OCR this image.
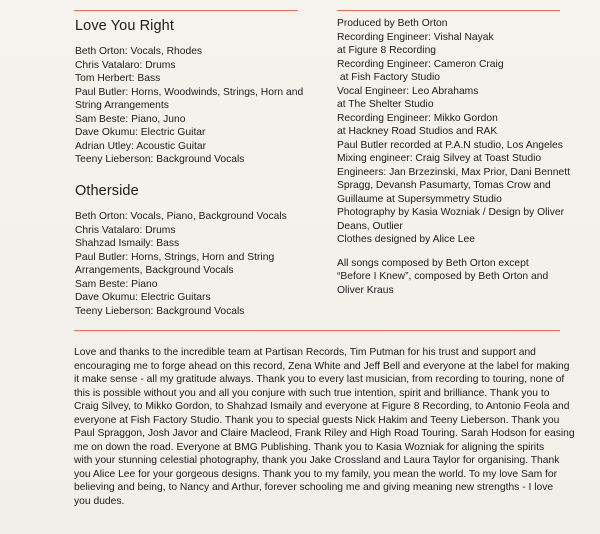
Love You Right
Beth Orton: Vocals, Rhodes
Chris Vatalaro: Drums
Tom Herbert: Bass
Paul Butler: Horns, Woodwinds, Strings, Horn and
String Arrangements
Sam Beste: Piano, Juno
Dave Okumu: Electric Guitar
Adrian Utley: Acoustic Guitar
Teeny Lieberson: Background Vocals
Otherside
Beth Orton: Vocals, Piano, Background Vocals
Chris Vatalaro: Drums
Shahzad Ismaily: Bass
Paul Butler: Horns, Strings, Horn and String
Arrangements, Background Vocals
Sam Beste: Piano
Dave Okumu: Electric Guitars
Teeny Lieberson: Background Vocals
Produced by Beth Orton
Recording Engineer: Vishal Nayak
at Figure 8 Recording
Recording Engineer: Cameron Craig
at Fish Factory Studio
Vocal Engineer: Leo Abrahams
at The Shelter Studio
Recording Engineer: Mikko Gordon
at Hackney Road Studios and RAK
Paul Butler recorded at P.A.N studio, Los Angeles
Mixing engineer: Craig Silvey at Toast Studio
Engineers: Jan Brzezinski, Max Prior, Dani Bennett
Spragg, Devansh Pasumarty, Tomas Crow and
Guillaume at Supersymmetry Studio
Photography by Kasia Wozniak / Design by Oliver
Deans, Outlier
Clothes designed by Alice Lee
All songs composed by Beth Orton except
“Before I Knew”, composed by Beth Orton and
Oliver Kraus
Love and thanks to the incredible team at Partisan Records, Tim Putman for his trust and support and
encouraging me to forge ahead on this record, Zena White and Jeff Bell and everyone at the label for making
it make sense - all my gratitude always. Thank you to every last musician, from recording to touring, none of
this is possible without you and all you conjure with such true intention, spirit and brilliance. Thank you to
Craig Silvey, to Mikko Gordon, to Shahzad Ismaily and everyone at Figure 8 Recording, to Antonio Feola and
everyone at Fish Factory Studio. Thank you to special guests Nick Hakim and Teeny Lieberson. Thank you
Paul Spraggon, Josh Javor and Claire Macleod, Frank Riley and High Road Touring. Sarah Hodson for easing
me on down the road. Everyone at BMG Publishing. Thank you to Kasia Wozniak for aligning the spirits
with your stunning celestial photography, thank you Jake Crossland and Laura Taylor for organising. Thank
you Alice Lee for your gorgeous designs. Thank you to my family, you mean the world. To my love Sam for
believing and being, to Nancy and Arthur, forever schooling me and giving meaning new strengths - I love
you dudes.
